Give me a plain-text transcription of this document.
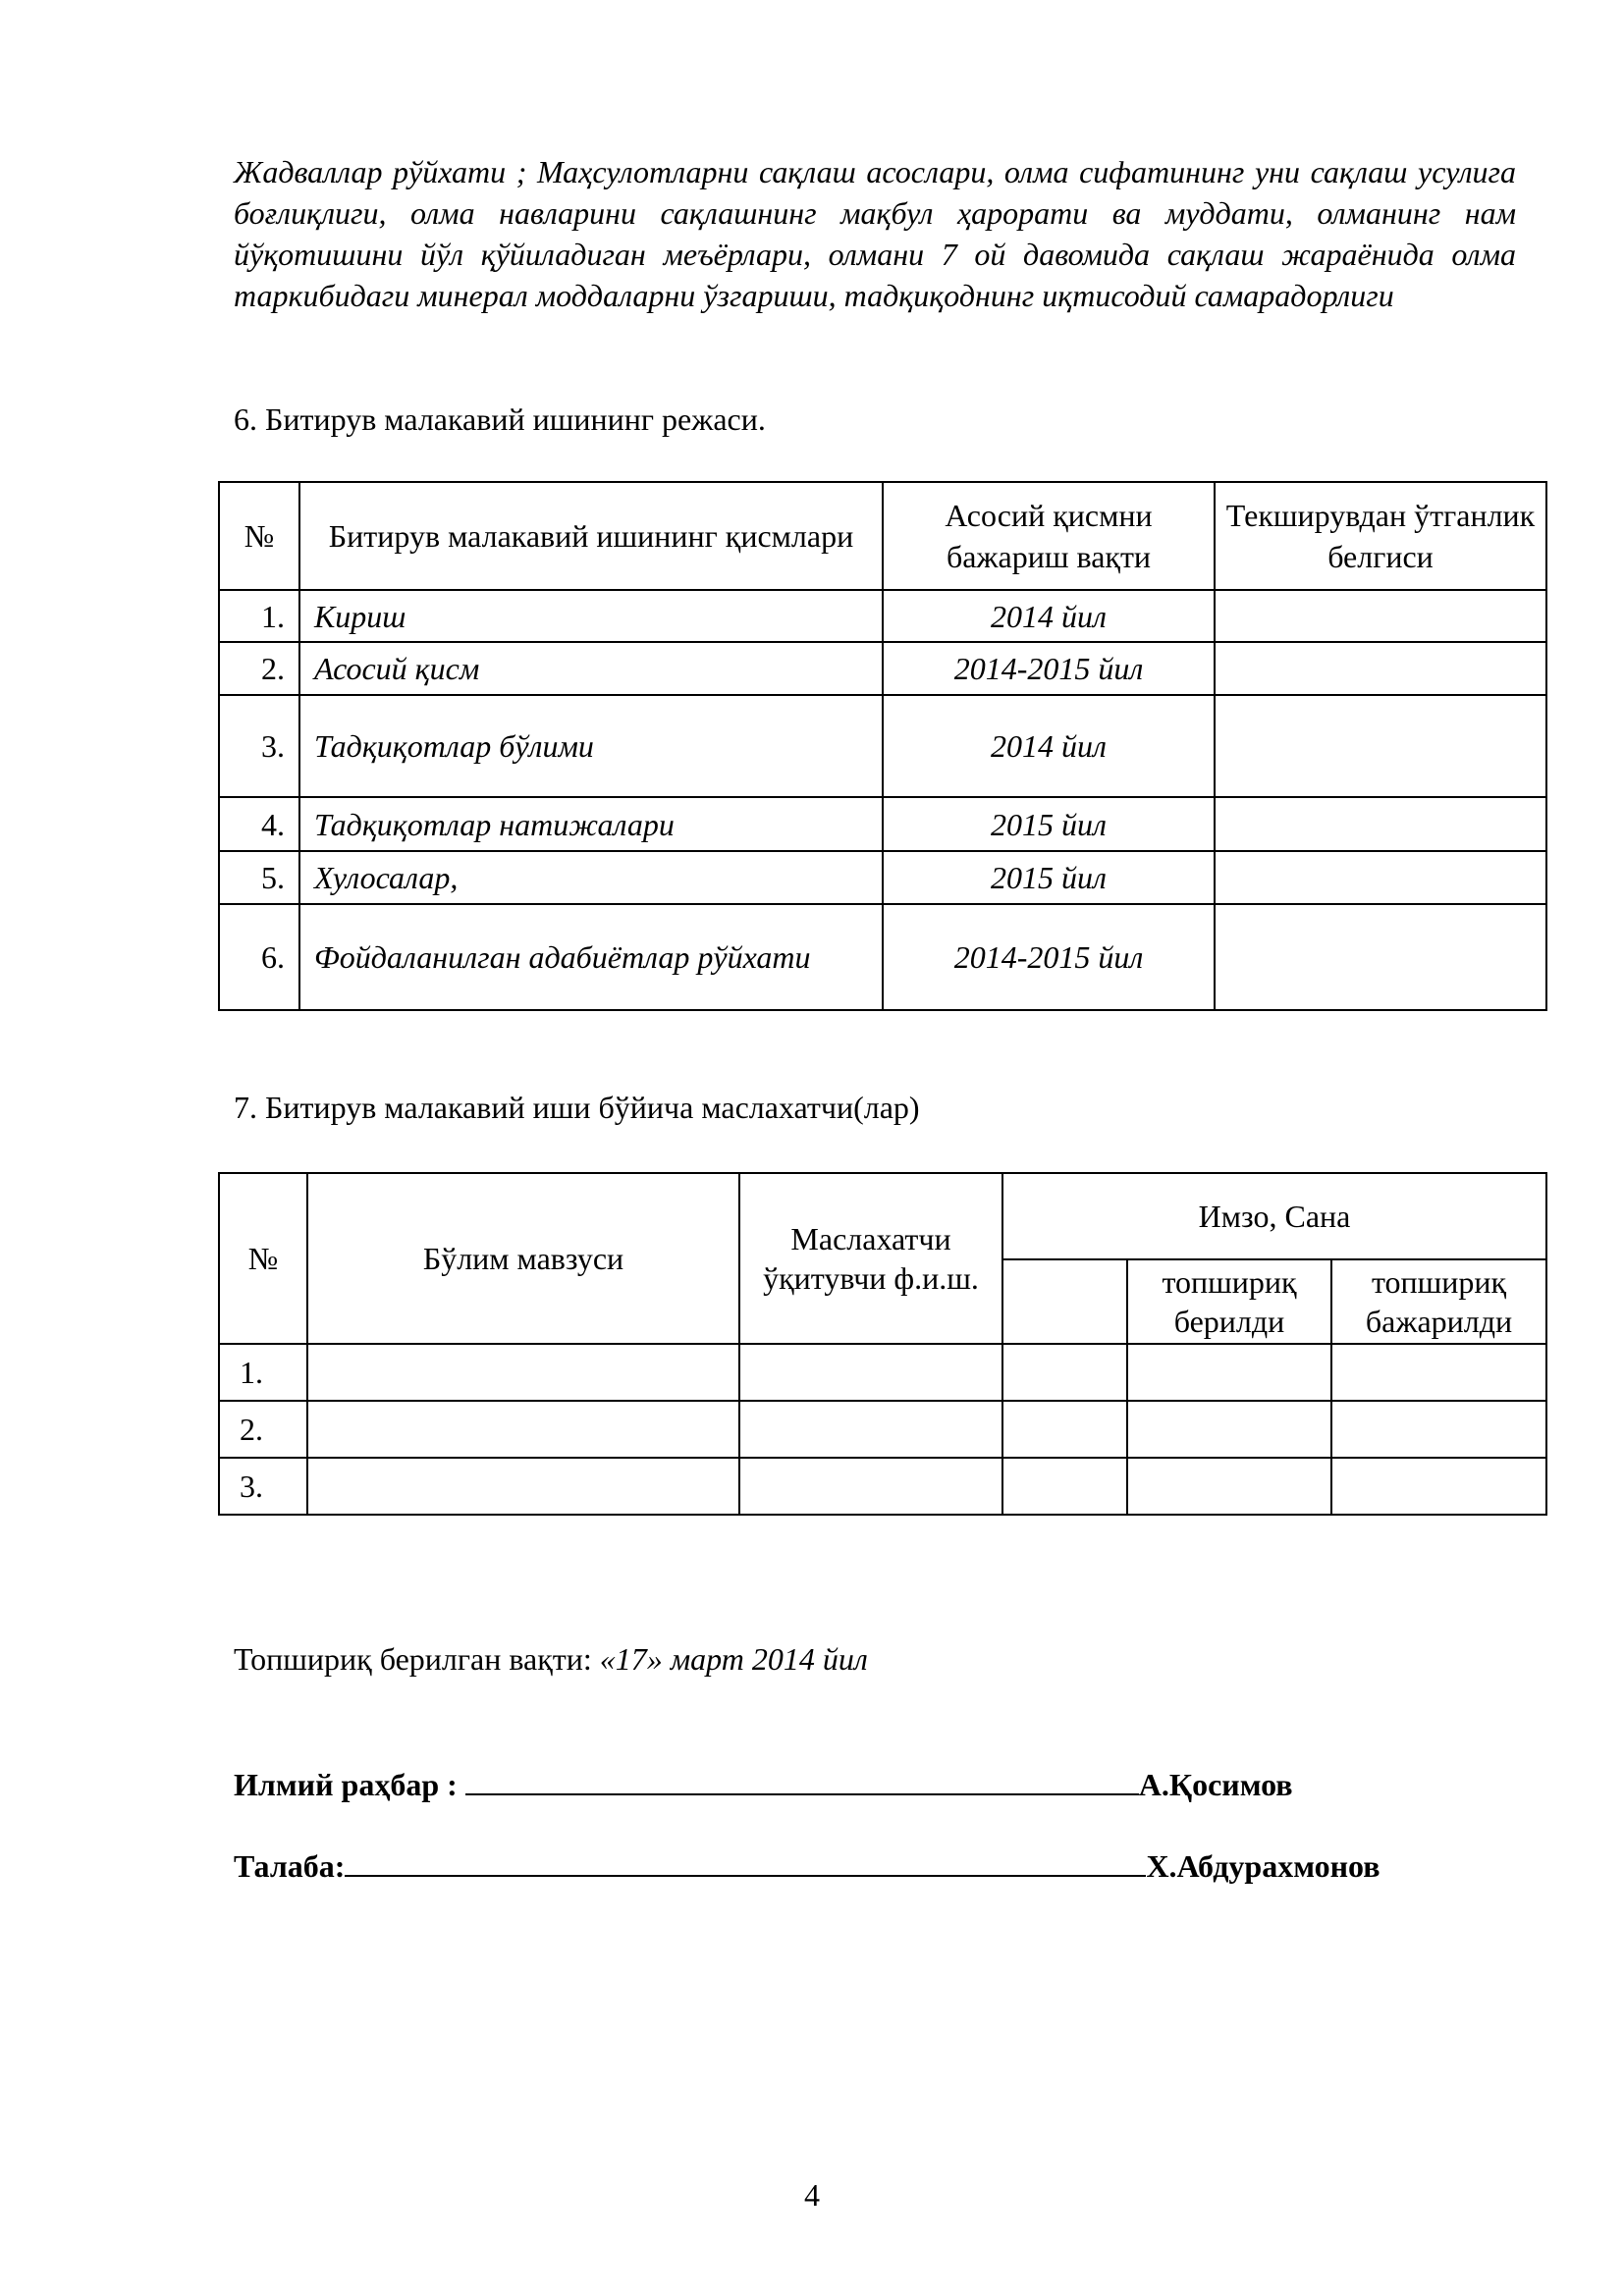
Жадваллар рўйхати ; Маҳсулотларни сақлаш асослари, олма сифатининг уни сақлаш усулига боғлиқлиги, олма навларини сақлашнинг мақбул ҳарорати ва муддати, олманинг нам йўқотишини йўл қўйиладиган меъёрлари, олмани 7 ой давомида сақлаш жараёнида олма таркибидаги минерал моддаларни ўзгариши, тадқиқоднинг иқтисодий самарадорлиги

6. Битирув малакавий ишининг режаси.

№	Битирув малакавий ишининг қисмлари	Асосий қисмни бажариш вақти	Текширувдан ўтганлик белгиси
1.	Кириш	2014 йил	
2.	Асосий қисм	2014-2015 йил	
3.	Тадқиқотлар бўлими	2014 йил	
4.	Тадқиқотлар натижалари	2015 йил	
5.	Хулосалар,	2015 йил	
6.	Фойдаланилган адабиётлар рўйхати	2014-2015 йил	

7. Битирув малакавий иши бўйича маслахатчи(лар)

№	Бўлим мавзуси	Маслахатчи ўқитувчи ф.и.ш.	Имзо, Сана		
				топшириқ берилди	топшириқ бажарилди
1.					
2.					
3.					

Топшириқ берилган вақти: «17» март 2014 йил

Илмий раҳбар :	А.Қосимов

Талаба:	Х.Абдурахмонов

4
